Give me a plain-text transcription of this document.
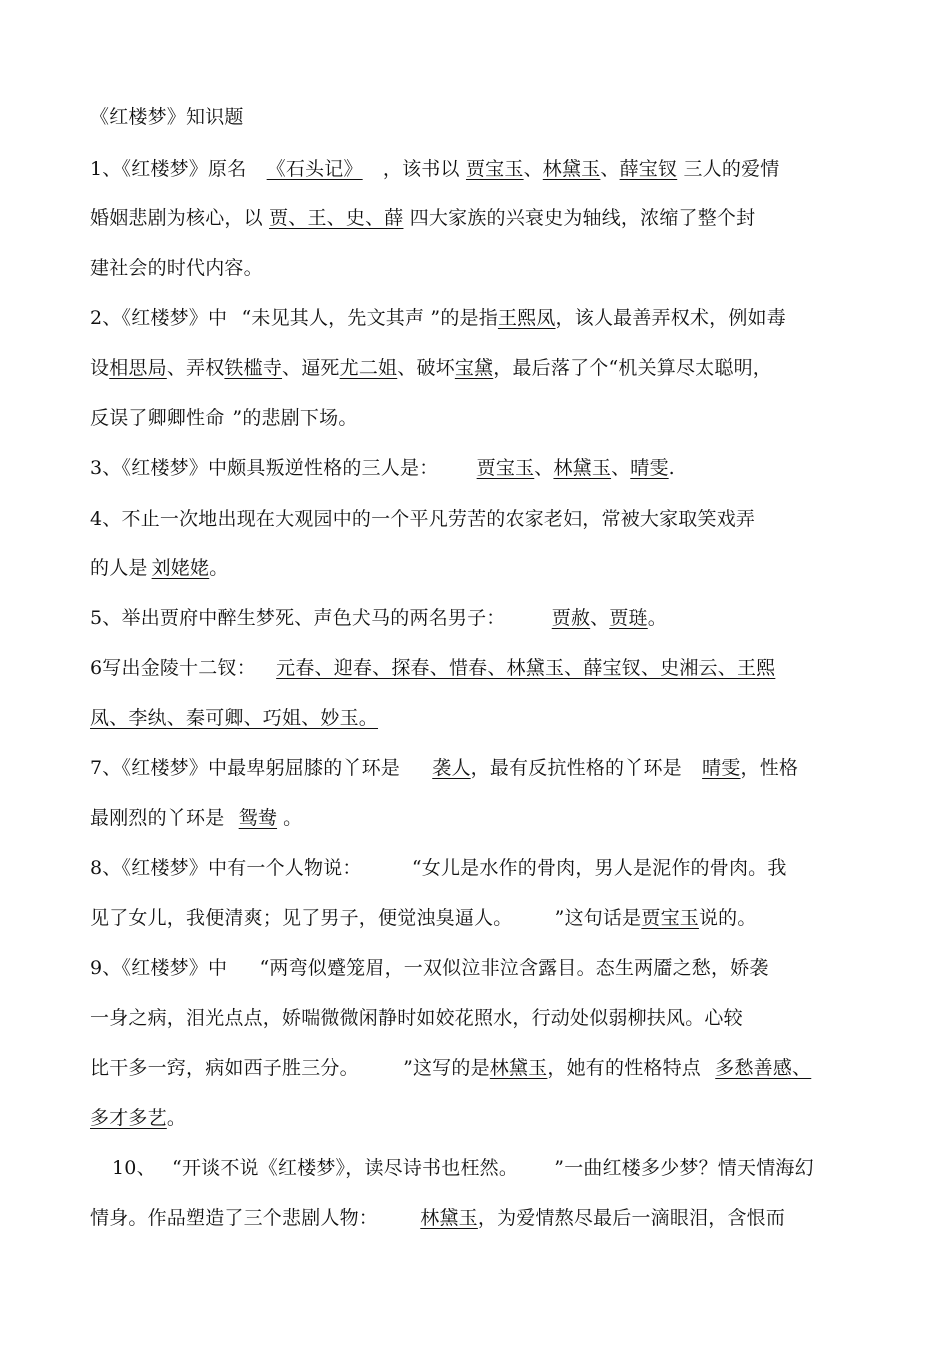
《红楼梦》知识题
1、《红楼梦》原名 《石头记》 ，该书以 贾宝玉、林黛玉、薛宝钗 三人的爱情
婚姻悲剧为核心，以 贾、王、史、薛 四大家族的兴衰史为轴线，浓缩了整个封
建社会的时代内容。
2、《红楼梦》中 “未见其人，先文其声 ”的是指王熙凤，该人最善弄权术，例如毒
设相思局、弄权铁槛寺、逼死尤二姐、破坏宝黛，最后落了个“机关算尽太聪明，
反误了卿卿性命 ”的悲剧下场。
3、《红楼梦》中颇具叛逆性格的三人是： 贾宝玉、林黛玉、晴雯.
4、不止一次地出现在大观园中的一个平凡劳苦的农家老妇，常被大家取笑戏弄
的人是 刘姥姥。
5、举出贾府中醉生梦死、声色犬马的两名男子： 贾赦、贾琏。
6写出金陵十二钗： 元春、迎春、探春、惜春、林黛玉、薛宝钗、史湘云、王熙
凤、李纨、秦可卿、巧姐、妙玉。
7、《红楼梦》中最卑躬屈膝的丫环是 袭人，最有反抗性格的丫环是 晴雯，性格
最刚烈的丫环是 鸳鸯 。
8、《红楼梦》中有一个人物说：	“女儿是水作的骨肉，男人是泥作的骨肉。我
见了女儿，我便清爽；见了男子，便觉浊臭逼人。 ”这句话是贾宝玉说的。
9、《红楼梦》中 “两弯似蹙笼眉，一双似泣非泣含露目。态生两靥之愁，娇袭
一身之病，泪光点点，娇喘微微闲静时如姣花照水，行动处似弱柳扶风。心较
比干多一窍，病如西子胜三分。 ”这写的是林黛玉，她有的性格特点 多愁善感、
多才多艺。
10、 “开谈不说《红楼梦》，读尽诗书也枉然。 ”一曲红楼多少梦？情天情海幻
情身。作品塑造了三个悲剧人物： 林黛玉，为爱情熬尽最后一滴眼泪，含恨而
